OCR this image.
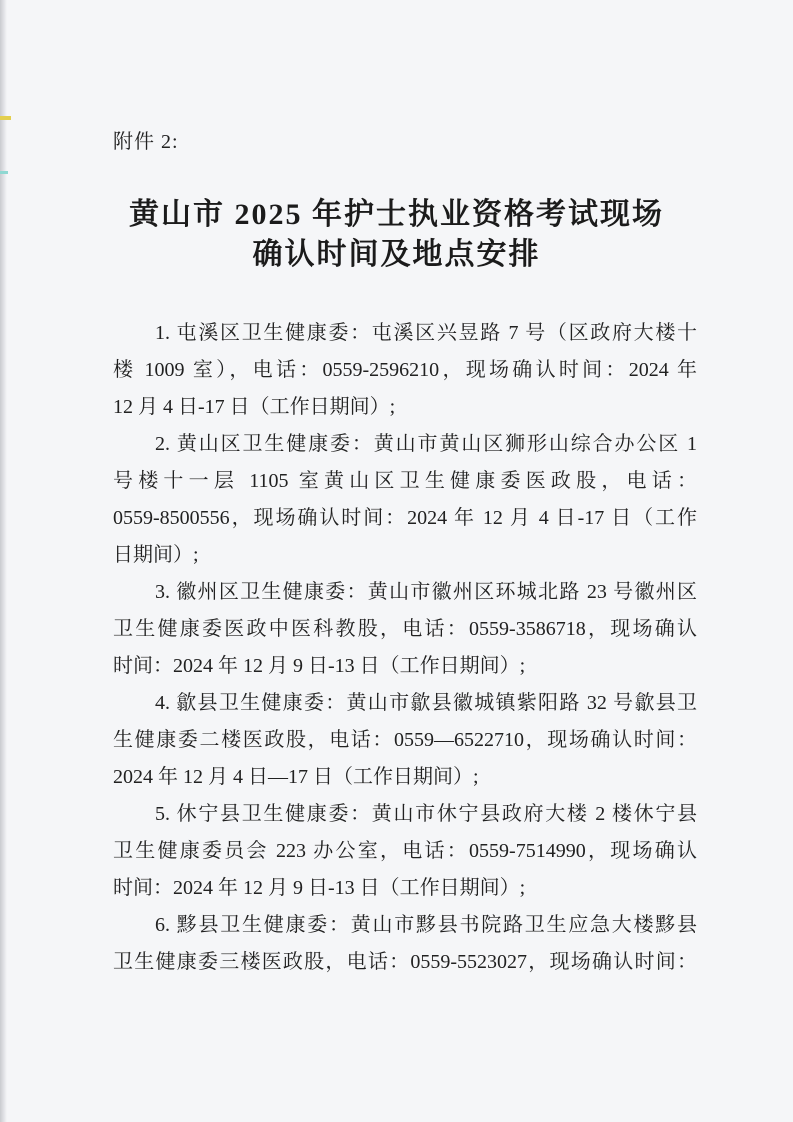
附件 2:
黄山市 2025 年护士执业资格考试现场
确认时间及地点安排
1. 屯溪区卫生健康委：屯溪区兴昱路 7 号（区政府大楼十
楼 1009 室），电话：0559-2596210，现场确认时间：2024 年
12 月 4 日-17 日（工作日期间）;
2. 黄山区卫生健康委：黄山市黄山区狮形山综合办公区 1
号楼十一层 1105 室黄山区卫生健康委医政股，电话：
0559-8500556，现场确认时间：2024 年 12 月 4 日-17 日（工作
日期间）;
3. 徽州区卫生健康委：黄山市徽州区环城北路 23 号徽州区
卫生健康委医政中医科教股，电话：0559-3586718，现场确认
时间：2024 年 12 月 9 日-13 日（工作日期间）;
4. 歙县卫生健康委：黄山市歙县徽城镇紫阳路 32 号歙县卫
生健康委二楼医政股，电话：0559—6522710，现场确认时间：
2024 年 12 月 4 日—17 日（工作日期间）;
5. 休宁县卫生健康委：黄山市休宁县政府大楼 2 楼休宁县
卫生健康委员会 223 办公室，电话：0559-7514990，现场确认
时间：2024 年 12 月 9 日-13 日（工作日期间）;
6. 黟县卫生健康委：黄山市黟县书院路卫生应急大楼黟县
卫生健康委三楼医政股，电话：0559-5523027，现场确认时间：
